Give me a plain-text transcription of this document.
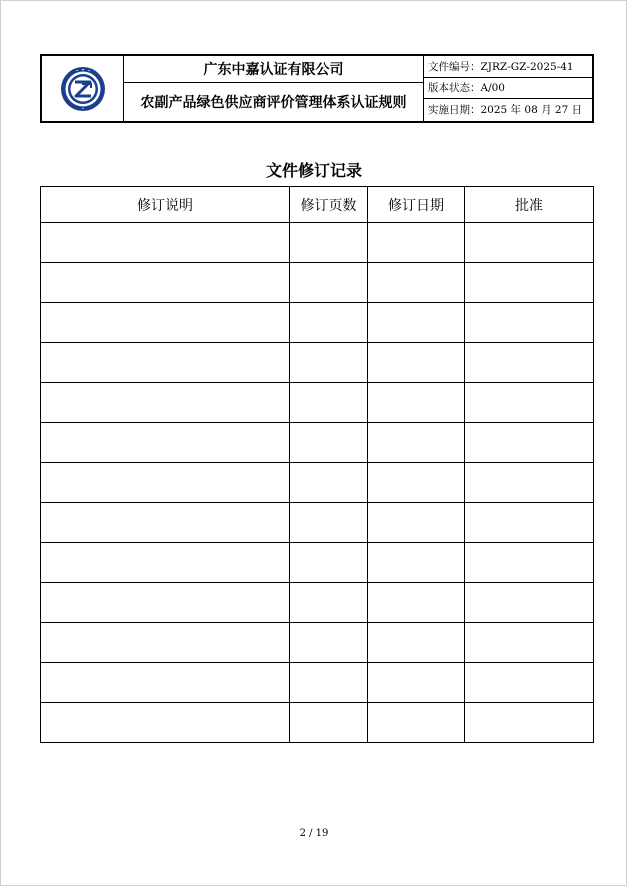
广东中嘉认证有限公司
农副产品绿色供应商评价管理体系认证规则
文件编号：ZJRZ-GZ-2025-41
版本状态：A/00
实施日期：2025 年 08 月 27 日
文件修订记录
修订说明	修订页数	修订日期	批准

2 / 19
